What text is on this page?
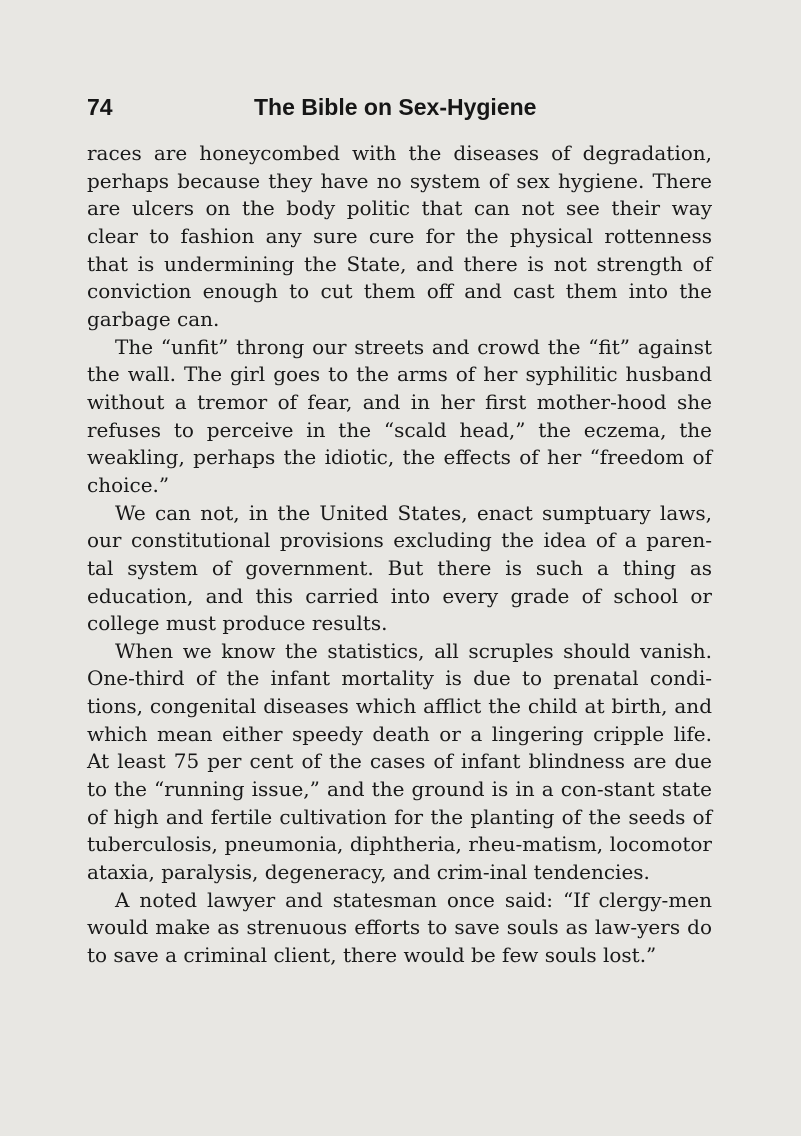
74	The Bible on Sex-Hygiene

races are honeycombed with the diseases of degradation, perhaps because they have no system of sex hygiene. There are ulcers on the body politic that can not see their way clear to fashion any sure cure for the physical rottenness that is undermining the State, and there is not strength of conviction enough to cut them off and cast them into the garbage can.

The “unfit” throng our streets and crowd the “fit” against the wall. The girl goes to the arms of her syphilitic husband without a tremor of fear, and in her first mother-hood she refuses to perceive in the “scald head,” the eczema, the weakling, perhaps the idiotic, the effects of her “freedom of choice.”

We can not, in the United States, enact sumptuary laws, our constitutional provisions excluding the idea of a paren-tal system of government. But there is such a thing as education, and this carried into every grade of school or college must produce results.

When we know the statistics, all scruples should vanish. One-third of the infant mortality is due to prenatal condi-tions, congenital diseases which afflict the child at birth, and which mean either speedy death or a lingering cripple life. At least 75 per cent of the cases of infant blindness are due to the “running issue,” and the ground is in a con-stant state of high and fertile cultivation for the planting of the seeds of tuberculosis, pneumonia, diphtheria, rheu-matism, locomotor ataxia, paralysis, degeneracy, and crim-inal tendencies.

A noted lawyer and statesman once said: “If clergy-men would make as strenuous efforts to save souls as law-yers do to save a criminal client, there would be few souls lost.”
